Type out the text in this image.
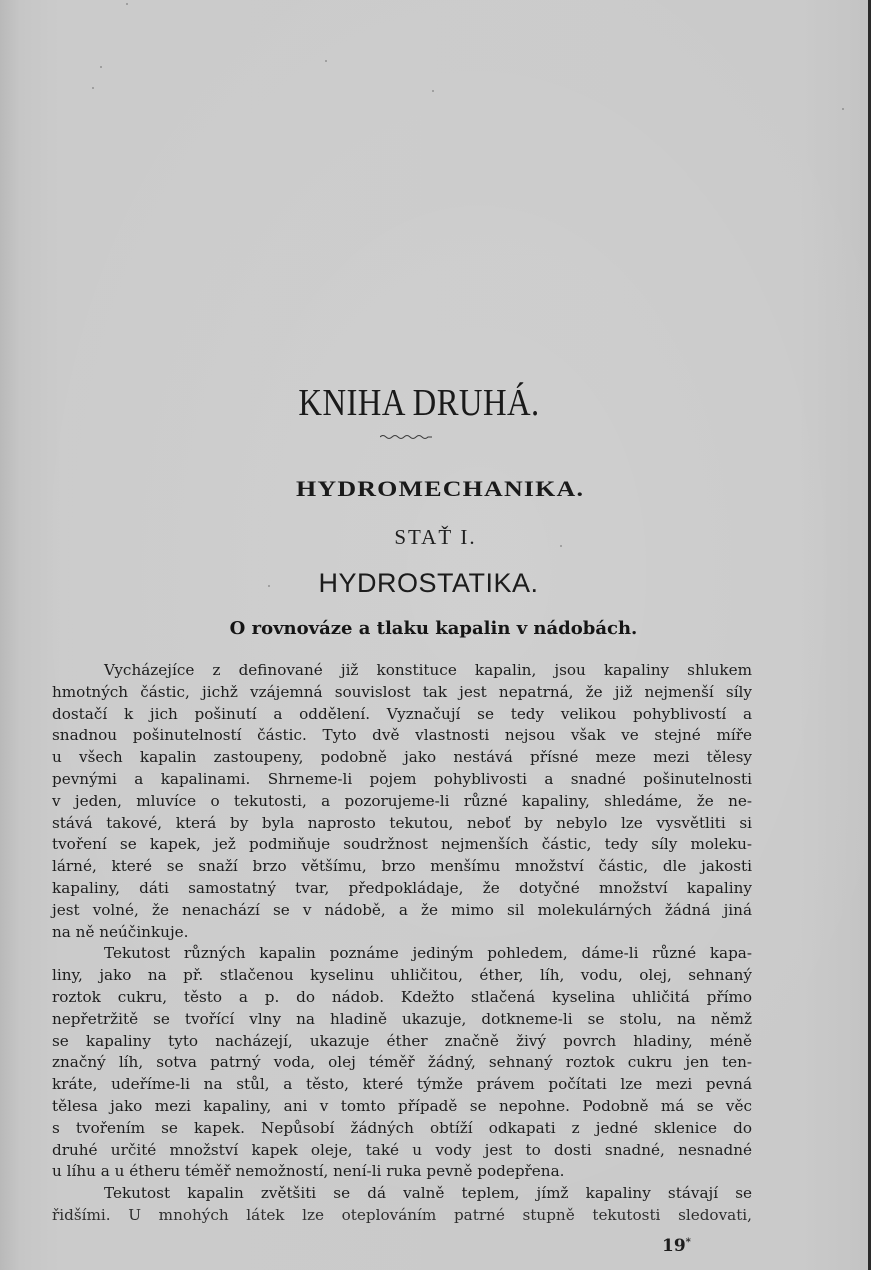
KNIHA DRUHÁ.
HYDROMECHANIKA.
STAŤ I.
HYDROSTATIKA.
O rovnováze a tlaku kapalin v nádobách.
Vycházejíce z definované již konstituce kapalin, jsou kapaliny shlukem
hmotných částic, jichž vzájemná souvislost tak jest nepatrná, že již nejmenší síly
dostačí k jich pošinutí a oddělení. Vyznačují se tedy velikou pohyblivostí a
snadnou pošinutelností částic. Tyto dvě vlastnosti nejsou však ve stejné míře
u všech kapalin zastoupeny, podobně jako nestává přísné meze mezi tělesy
pevnými a kapalinami. Shrneme-li pojem pohyblivosti a snadné pošinutelnosti
v jeden, mluvíce o tekutosti, a pozorujeme-li různé kapaliny, shledáme, že ne-
stává takové, která by byla naprosto tekutou, neboť by nebylo lze vysvětliti si
tvoření se kapek, jež podmiňuje soudržnost nejmenších částic, tedy síly moleku-
lárné, které se snaží brzo většímu, brzo menšímu množství částic, dle jakosti
kapaliny, dáti samostatný tvar, předpokládaje, že dotyčné množství kapaliny
jest volné, že nenachází se v nádobě, a že mimo sil molekulárných žádná jiná
na ně neúčinkuje.
Tekutost různých kapalin poznáme jediným pohledem, dáme-li různé kapa-
liny, jako na př. stlačenou kyselinu uhličitou, éther, líh, vodu, olej, sehnaný
roztok cukru, těsto a p. do nádob. Kdežto stlačená kyselina uhličitá přímo
nepřetržitě se tvořící vlny na hladině ukazuje, dotkneme-li se stolu, na němž
se kapaliny tyto nacházejí, ukazuje éther značně živý povrch hladiny, méně
značný líh, sotva patrný voda, olej téměř žádný, sehnaný roztok cukru jen ten-
kráte, udeříme-li na stůl, a těsto, které týmže právem počítati lze mezi pevná
tělesa jako mezi kapaliny, ani v tomto případě se nepohne. Podobně má se věc
s tvořením se kapek. Nepůsobí žádných obtíží odkapati z jedné sklenice do
druhé určité množství kapek oleje, také u vody jest to dosti snadné, nesnadné
u líhu a u étheru téměř nemožností, není-li ruka pevně podepřena.
Tekutost kapalin zvětšiti se dá valně teplem, jímž kapaliny stávají se
řidšími. U mnohých látek lze oteplováním patrné stupně tekutosti sledovati,
19*
